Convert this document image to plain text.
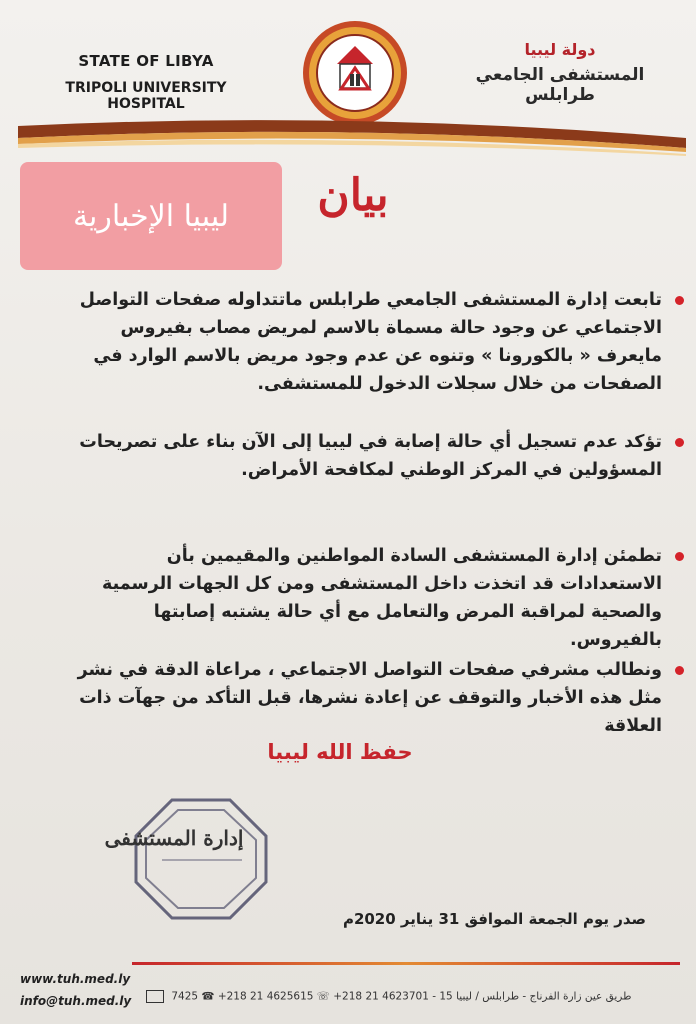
STATE OF LIBYA
TRIPOLI UNIVERSITY HOSPITAL
دولة ليبيا
المستشفى الجامعي طرابلس
ليبيا الإخبارية	بيان
تابعت إدارة المستشفى الجامعي طرابلس ماتتداوله صفحات التواصل الاجتماعي عن وجود حالة مسماة بالاسم لمريض مصاب بفيروس مايعرف « بالكورونا » وتنوه عن عدم وجود مريض بالاسم الوارد في الصفحات من خلال سجلات الدخول للمستشفى.
تؤكد عدم تسجيل أي حالة إصابة في ليبيا إلى الآن بناء على تصريحات المسؤولين في المركز الوطني لمكافحة الأمراض.
تطمئن إدارة المستشفى السادة المواطنين والمقيمين بأن الاستعدادات قد اتخذت داخل المستشفى ومن كل الجهات الرسمية والصحية لمراقبة المرض والتعامل مع أي حالة يشتبه إصابتها بالفيروس.
ونطالب مشرفي صفحات التواصل الاجتماعي ، مراعاة الدقة في نشر مثل هذه الأخبار والتوقف عن إعادة نشرها، قبل التأكد من جهآت ذات العلاقة
حفظ الله ليبيا
إدارة المستشفى
صدر يوم الجمعة الموافق 31 يناير 2020م
www.tuh.med.ly
info@tuh.med.ly	7425 ☎ +218 21 4625615 ☏ +218 21 4623701 - 15 طريق عين زارة الفرناج - طرابلس / ليبيا
